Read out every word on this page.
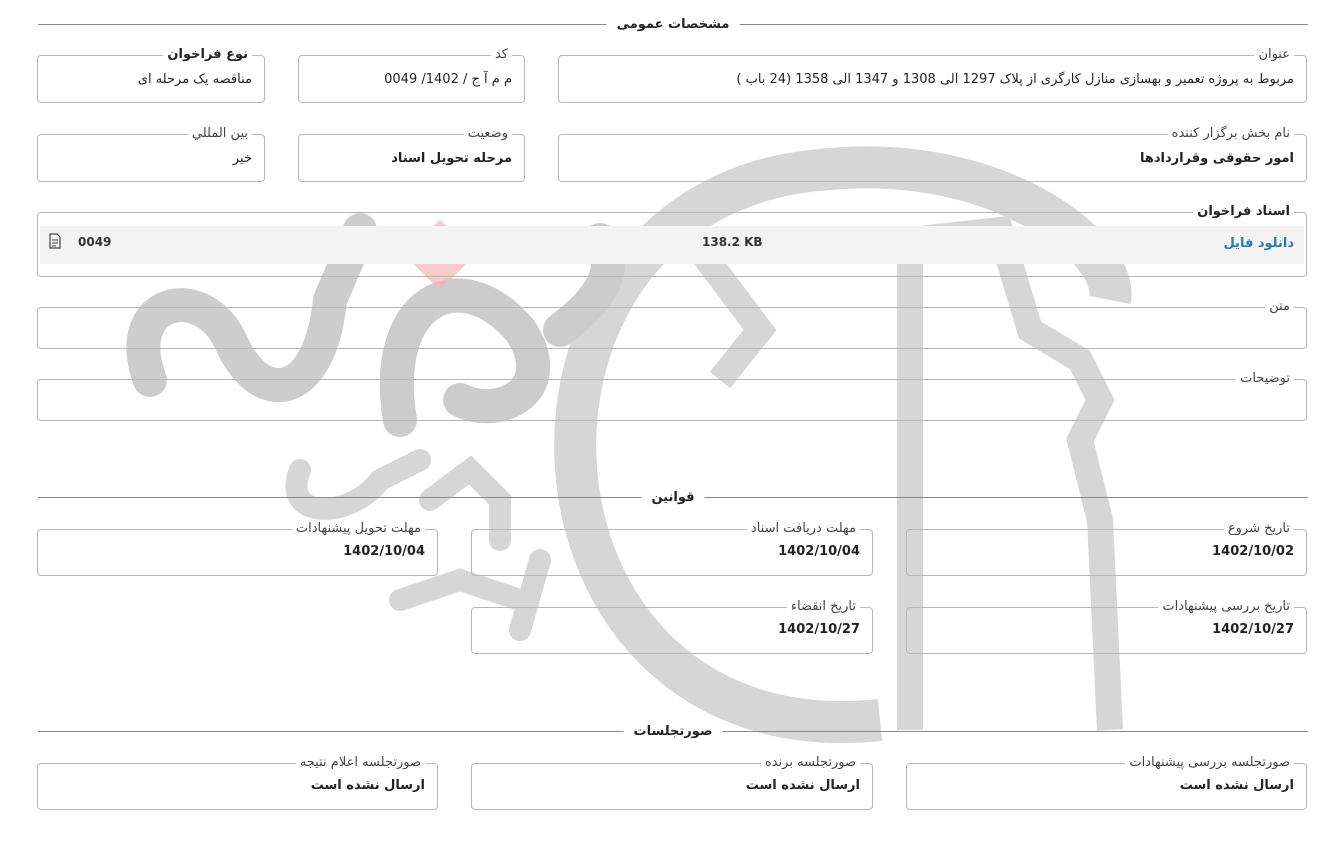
مشخصات عمومی
عنوان
مربوط به پروژه تعمیر و بهسازی منازل کارگری از پلاک 1297 الی 1308 و 1347 الی 1358 (24 باب )
کد
م م آ ج / 1402/ 0049
نوع فراخوان
مناقصه یک مرحله ای
نام بخش برگزار کننده
امور حقوقی وقراردادها
وضعیت
مرحله تحویل اسناد
بين المللي
خیر
اسناد فراخوان
دانلود فایل
138.2 KB
0049
متن
توضیحات
قوانین
تاریخ شروع
1402/10/02
مهلت دریافت اسناد
1402/10/04
مهلت تحویل پیشنهادات
1402/10/04
تاریخ بررسی پیشنهادات
1402/10/27
تاریخ انقضاء
1402/10/27
صورتجلسات
صورتجلسه بررسی پیشنهادات
ارسال نشده است
صورتجلسه برنده
ارسال نشده است
صورتجلسه اعلام نتیجه
ارسال نشده است
